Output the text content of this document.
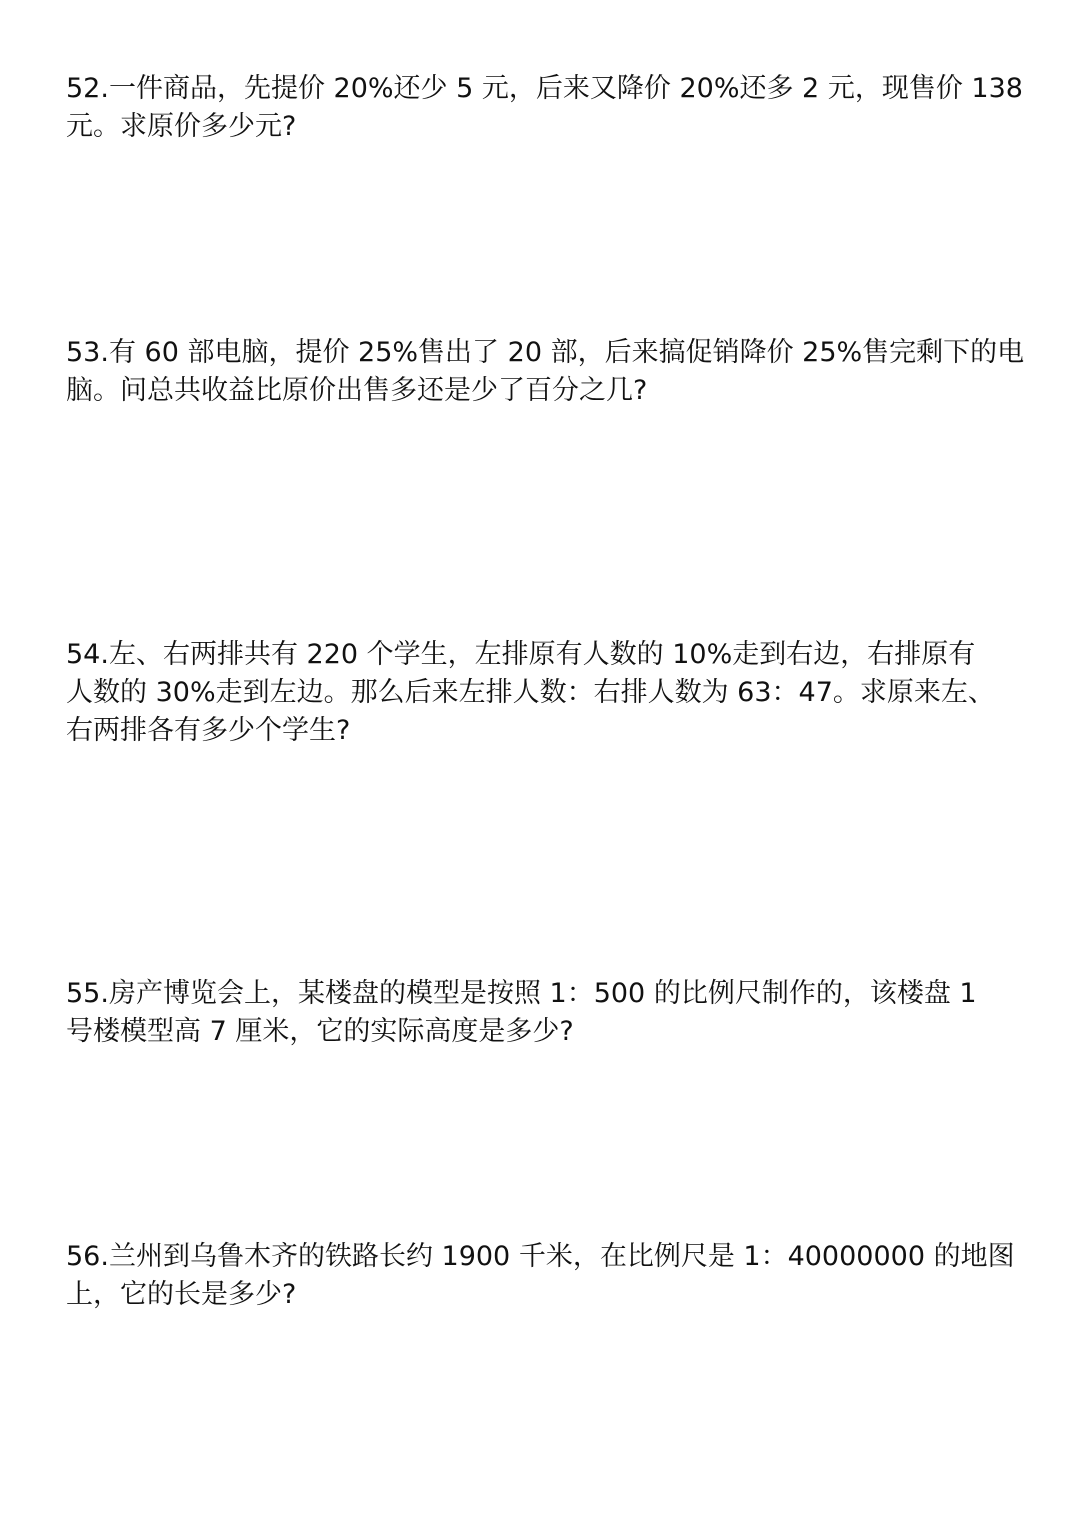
52.一件商品，先提价 20%还少 5 元，后来又降价 20%还多 2 元，现售价 138
元。求原价多少元?
53.有 60 部电脑，提价 25%售出了 20 部，后来搞促销降价 25%售完剩下的电
脑。问总共收益比原价出售多还是少了百分之几?
54.左、右两排共有 220 个学生，左排原有人数的 10%走到右边，右排原有
人数的 30%走到左边。那么后来左排人数：右排人数为 63：47。求原来左、
右两排各有多少个学生?
55.房产博览会上，某楼盘的模型是按照 1：500 的比例尺制作的，该楼盘 1
号楼模型高 7 厘米，它的实际高度是多少?
56.兰州到乌鲁木齐的铁路长约 1900 千米，在比例尺是 1：40000000 的地图
上，它的长是多少?
